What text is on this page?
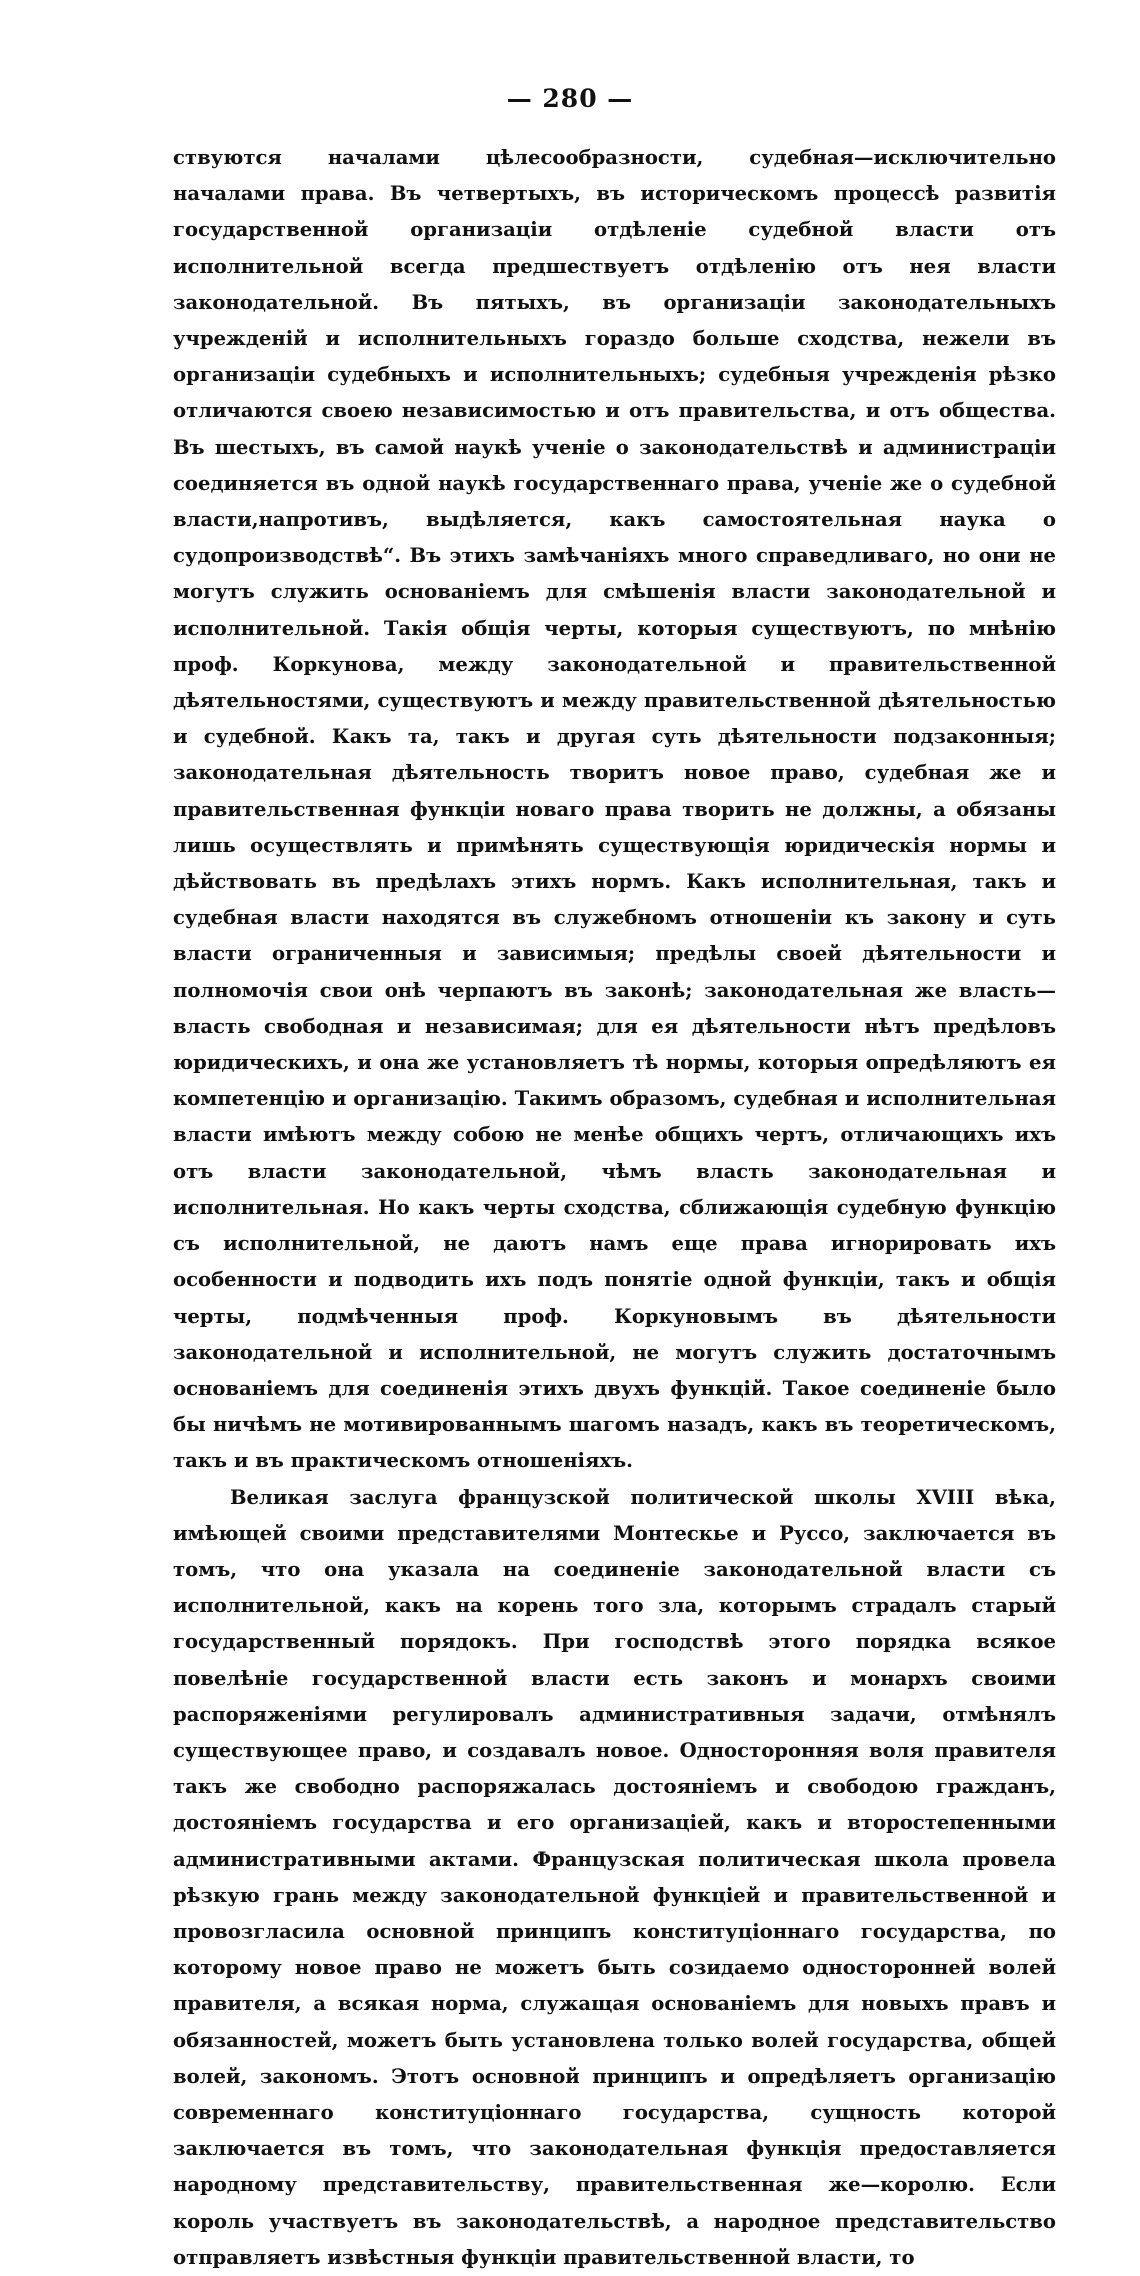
— 280 —

ствуются началами цѣлесообразности, судебная—исключительно началами права. Въ четвертыхъ, въ историческомъ процессѣ развитія государственной организаціи отдѣленіе судебной власти отъ исполнительной всегда предшествуетъ отдѣленію отъ нея власти законодательной. Въ пятыхъ, въ организаціи законодательныхъ учрежденій и исполнительныхъ гораздо больше сходства, нежели въ организаціи судебныхъ и исполнительныхъ; судебныя учрежденія рѣзко отличаются своею независимостью и отъ правительства, и отъ общества. Въ шестыхъ, въ самой наукѣ ученіе о законодательствѣ и администраціи соединяется въ одной наукѣ государственнаго права, ученіе же о судебной власти,напротивъ, выдѣляется, какъ самостоятельная наука о судопроизводствѣ“. Въ этихъ замѣчаніяхъ много справедливаго, но они не могутъ служить основаніемъ для смѣшенія власти законодательной и исполнительной. Такія общія черты, которыя существуютъ, по мнѣнію проф. Коркунова, между законодательной и правительственной дѣятельностями, существуютъ и между правительственной дѣятельностью и судебной. Какъ та, такъ и другая суть дѣятельности подзаконныя; законодательная дѣятельность творитъ новое право, судебная же и правительственная функціи новаго права творить не должны, а обязаны лишь осуществлять и примѣнять существующія юридическія нормы и дѣйствовать въ предѣлахъ этихъ нормъ. Какъ исполнительная, такъ и судебная власти находятся въ служебномъ отношеніи къ закону и суть власти ограниченныя и зависимыя; предѣлы своей дѣятельности и полномочія свои онѣ черпаютъ въ законѣ; законодательная же власть—власть свободная и независимая; для ея дѣятельности нѣтъ предѣловъ юридическихъ, и она же установляетъ тѣ нормы, которыя опредѣляютъ ея компетенцію и организацію. Такимъ образомъ, судебная и исполнительная власти имѣютъ между собою не менѣе общихъ чертъ, отличающихъ ихъ отъ власти законодательной, чѣмъ власть законодательная и исполнительная. Но какъ черты сходства, сближающія судебную функцію съ исполнительной, не даютъ намъ еще права игнорировать ихъ особенности и подводить ихъ подъ понятіе одной функціи, такъ и общія черты, подмѣченныя проф. Коркуновымъ въ дѣятельности законодательной и исполнительной, не могутъ служить достаточнымъ основаніемъ для соединенія этихъ двухъ функцій. Такое соединеніе было бы ничѣмъ не мотивированнымъ шагомъ назадъ, какъ въ теоретическомъ, такъ и въ практическомъ отношеніяхъ.

Великая заслуга французской политической школы XVIII вѣка, имѣющей своими представителями Монтескье и Руссо, заключается въ томъ, что она указала на соединеніе законодательной власти съ исполнительной, какъ на корень того зла, которымъ страдалъ старый государственный порядокъ. При господствѣ этого порядка всякое повелѣніе государственной власти есть законъ и монархъ своими распоряженіями регулировалъ административныя задачи, отмѣнялъ существующее право, и создавалъ новое. Односторонняя воля правителя такъ же свободно распоряжалась достояніемъ и свободою гражданъ, достояніемъ государства и его организаціей, какъ и второстепенными административными актами. Французская политическая школа провела рѣзкую грань между законодательной функціей и правительственной и провозгласила основной принципъ конституціоннаго государства, по которому новое право не можетъ быть созидаемо односторонней волей правителя, а всякая норма, служащая основаніемъ для новыхъ правъ и обязанностей, можетъ быть установлена только волей государства, общей волей, закономъ. Этотъ основной принципъ и опредѣляетъ организацію современнаго конституціоннаго государства, сущность которой заключается въ томъ, что законодательная функція предоставляется народному представительству, правительственная же—королю. Если король участвуетъ въ законодательствѣ, а народное представительство отправляетъ извѣстныя функціи правительственной власти, то
